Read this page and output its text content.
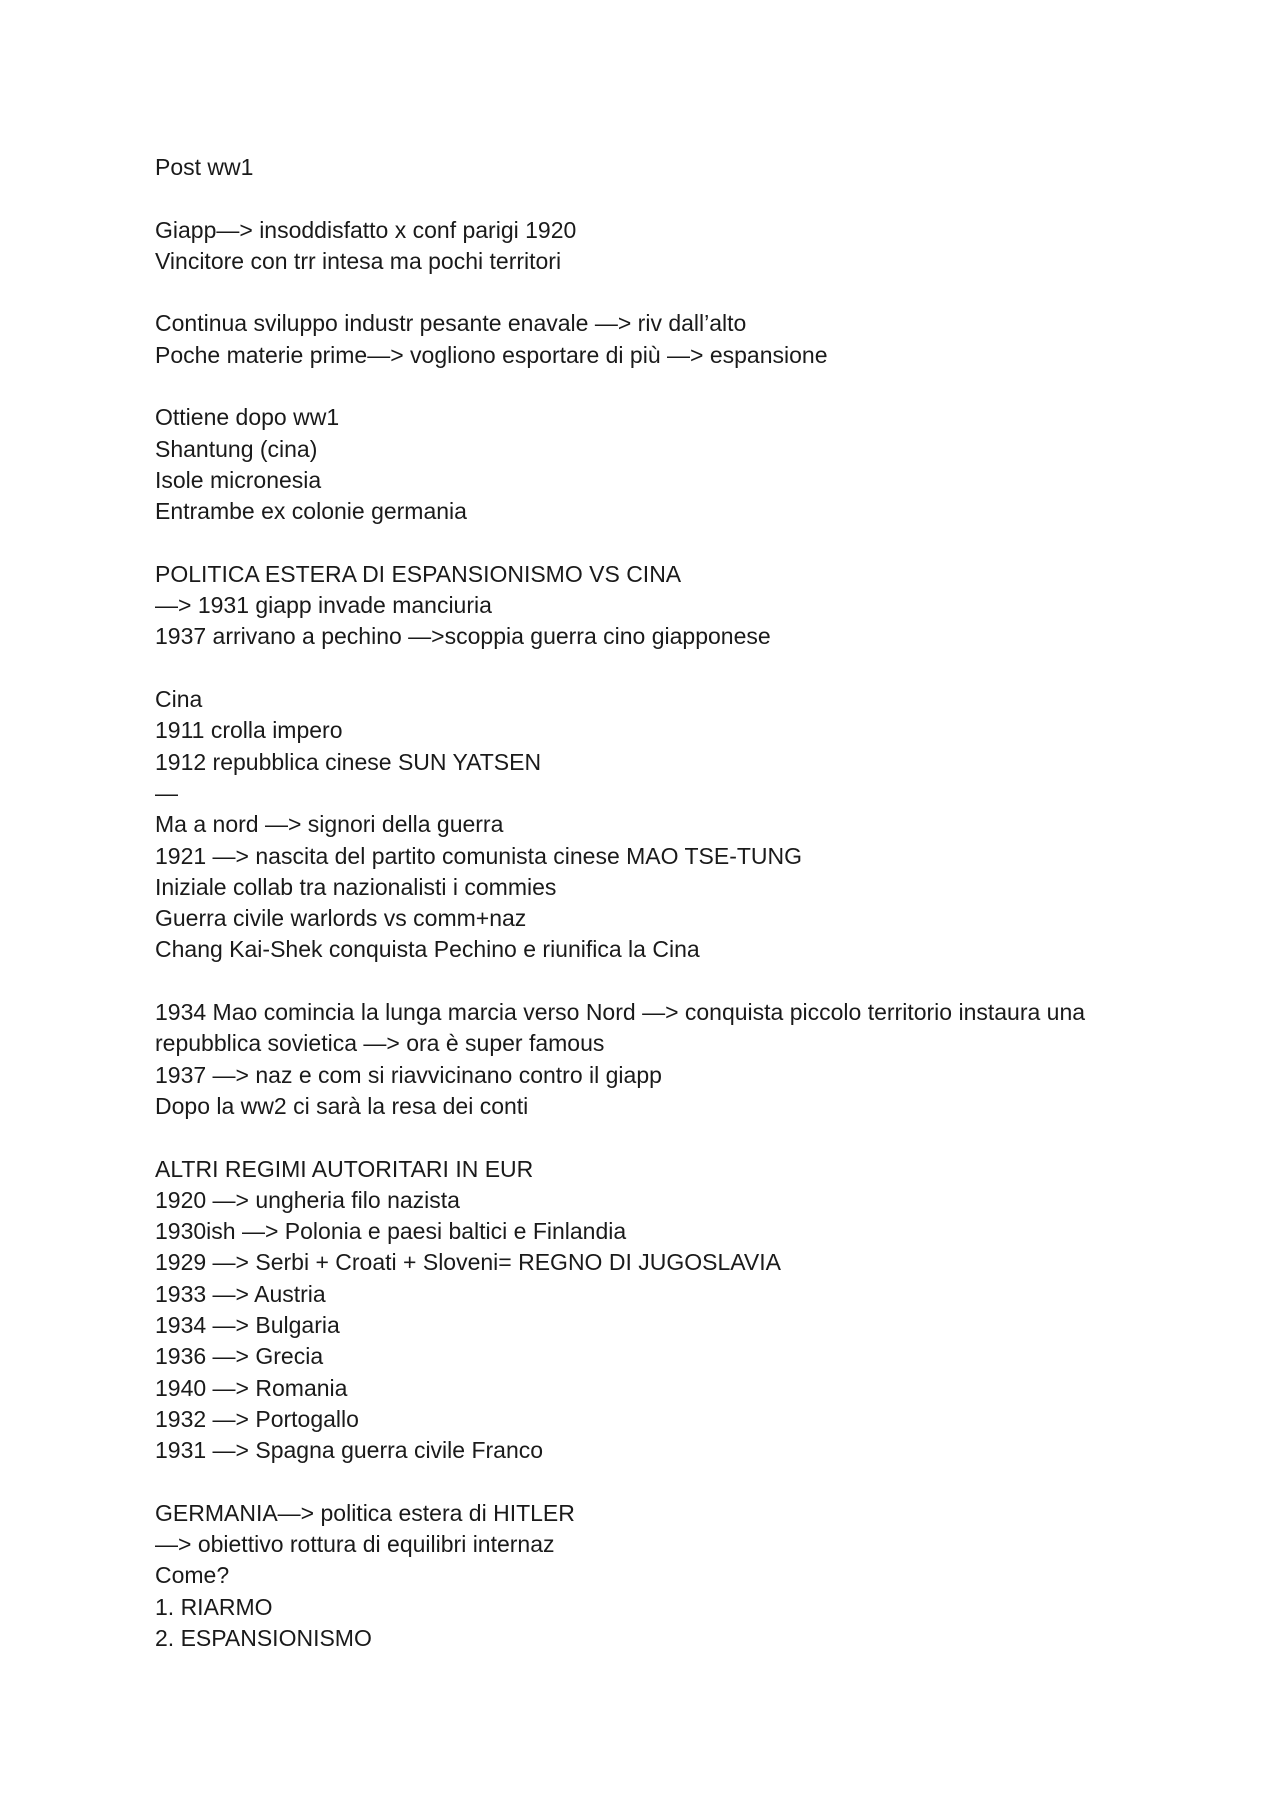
Post ww1
Giapp—> insoddisfatto x conf parigi 1920
Vincitore con trr intesa ma pochi territori
Continua sviluppo industr pesante enavale —> riv dall’alto
Poche materie prime—> vogliono esportare di più —> espansione
Ottiene dopo ww1
Shantung (cina)
Isole micronesia
Entrambe ex colonie germania
POLITICA ESTERA DI ESPANSIONISMO VS CINA
—> 1931 giapp invade manciuria
1937 arrivano a pechino —>scoppia guerra cino giapponese
Cina
1911 crolla impero
1912 repubblica cinese SUN YATSEN
—
Ma a nord —> signori della guerra
1921 —> nascita del partito comunista cinese MAO TSE-TUNG
Iniziale collab tra nazionalisti i commies
Guerra civile warlords vs comm+naz
Chang Kai-Shek conquista Pechino e riunifica la Cina
1934 Mao comincia la lunga marcia verso Nord —> conquista piccolo territorio instaura una repubblica sovietica —> ora è super famous
1937 —> naz e com si riavvicinano contro il giapp
Dopo la ww2 ci sarà la resa dei conti
ALTRI REGIMI AUTORITARI IN EUR
1920 —> ungheria filo nazista
1930ish —> Polonia e paesi baltici e Finlandia
1929 —> Serbi + Croati + Sloveni= REGNO DI JUGOSLAVIA
1933 —> Austria
1934 —> Bulgaria
1936 —> Grecia
1940 —> Romania
1932 —> Portogallo
1931 —> Spagna guerra civile Franco
GERMANIA—> politica estera di HITLER
—> obiettivo rottura di equilibri internaz
Come?
1. RIARMO
2. ESPANSIONISMO
